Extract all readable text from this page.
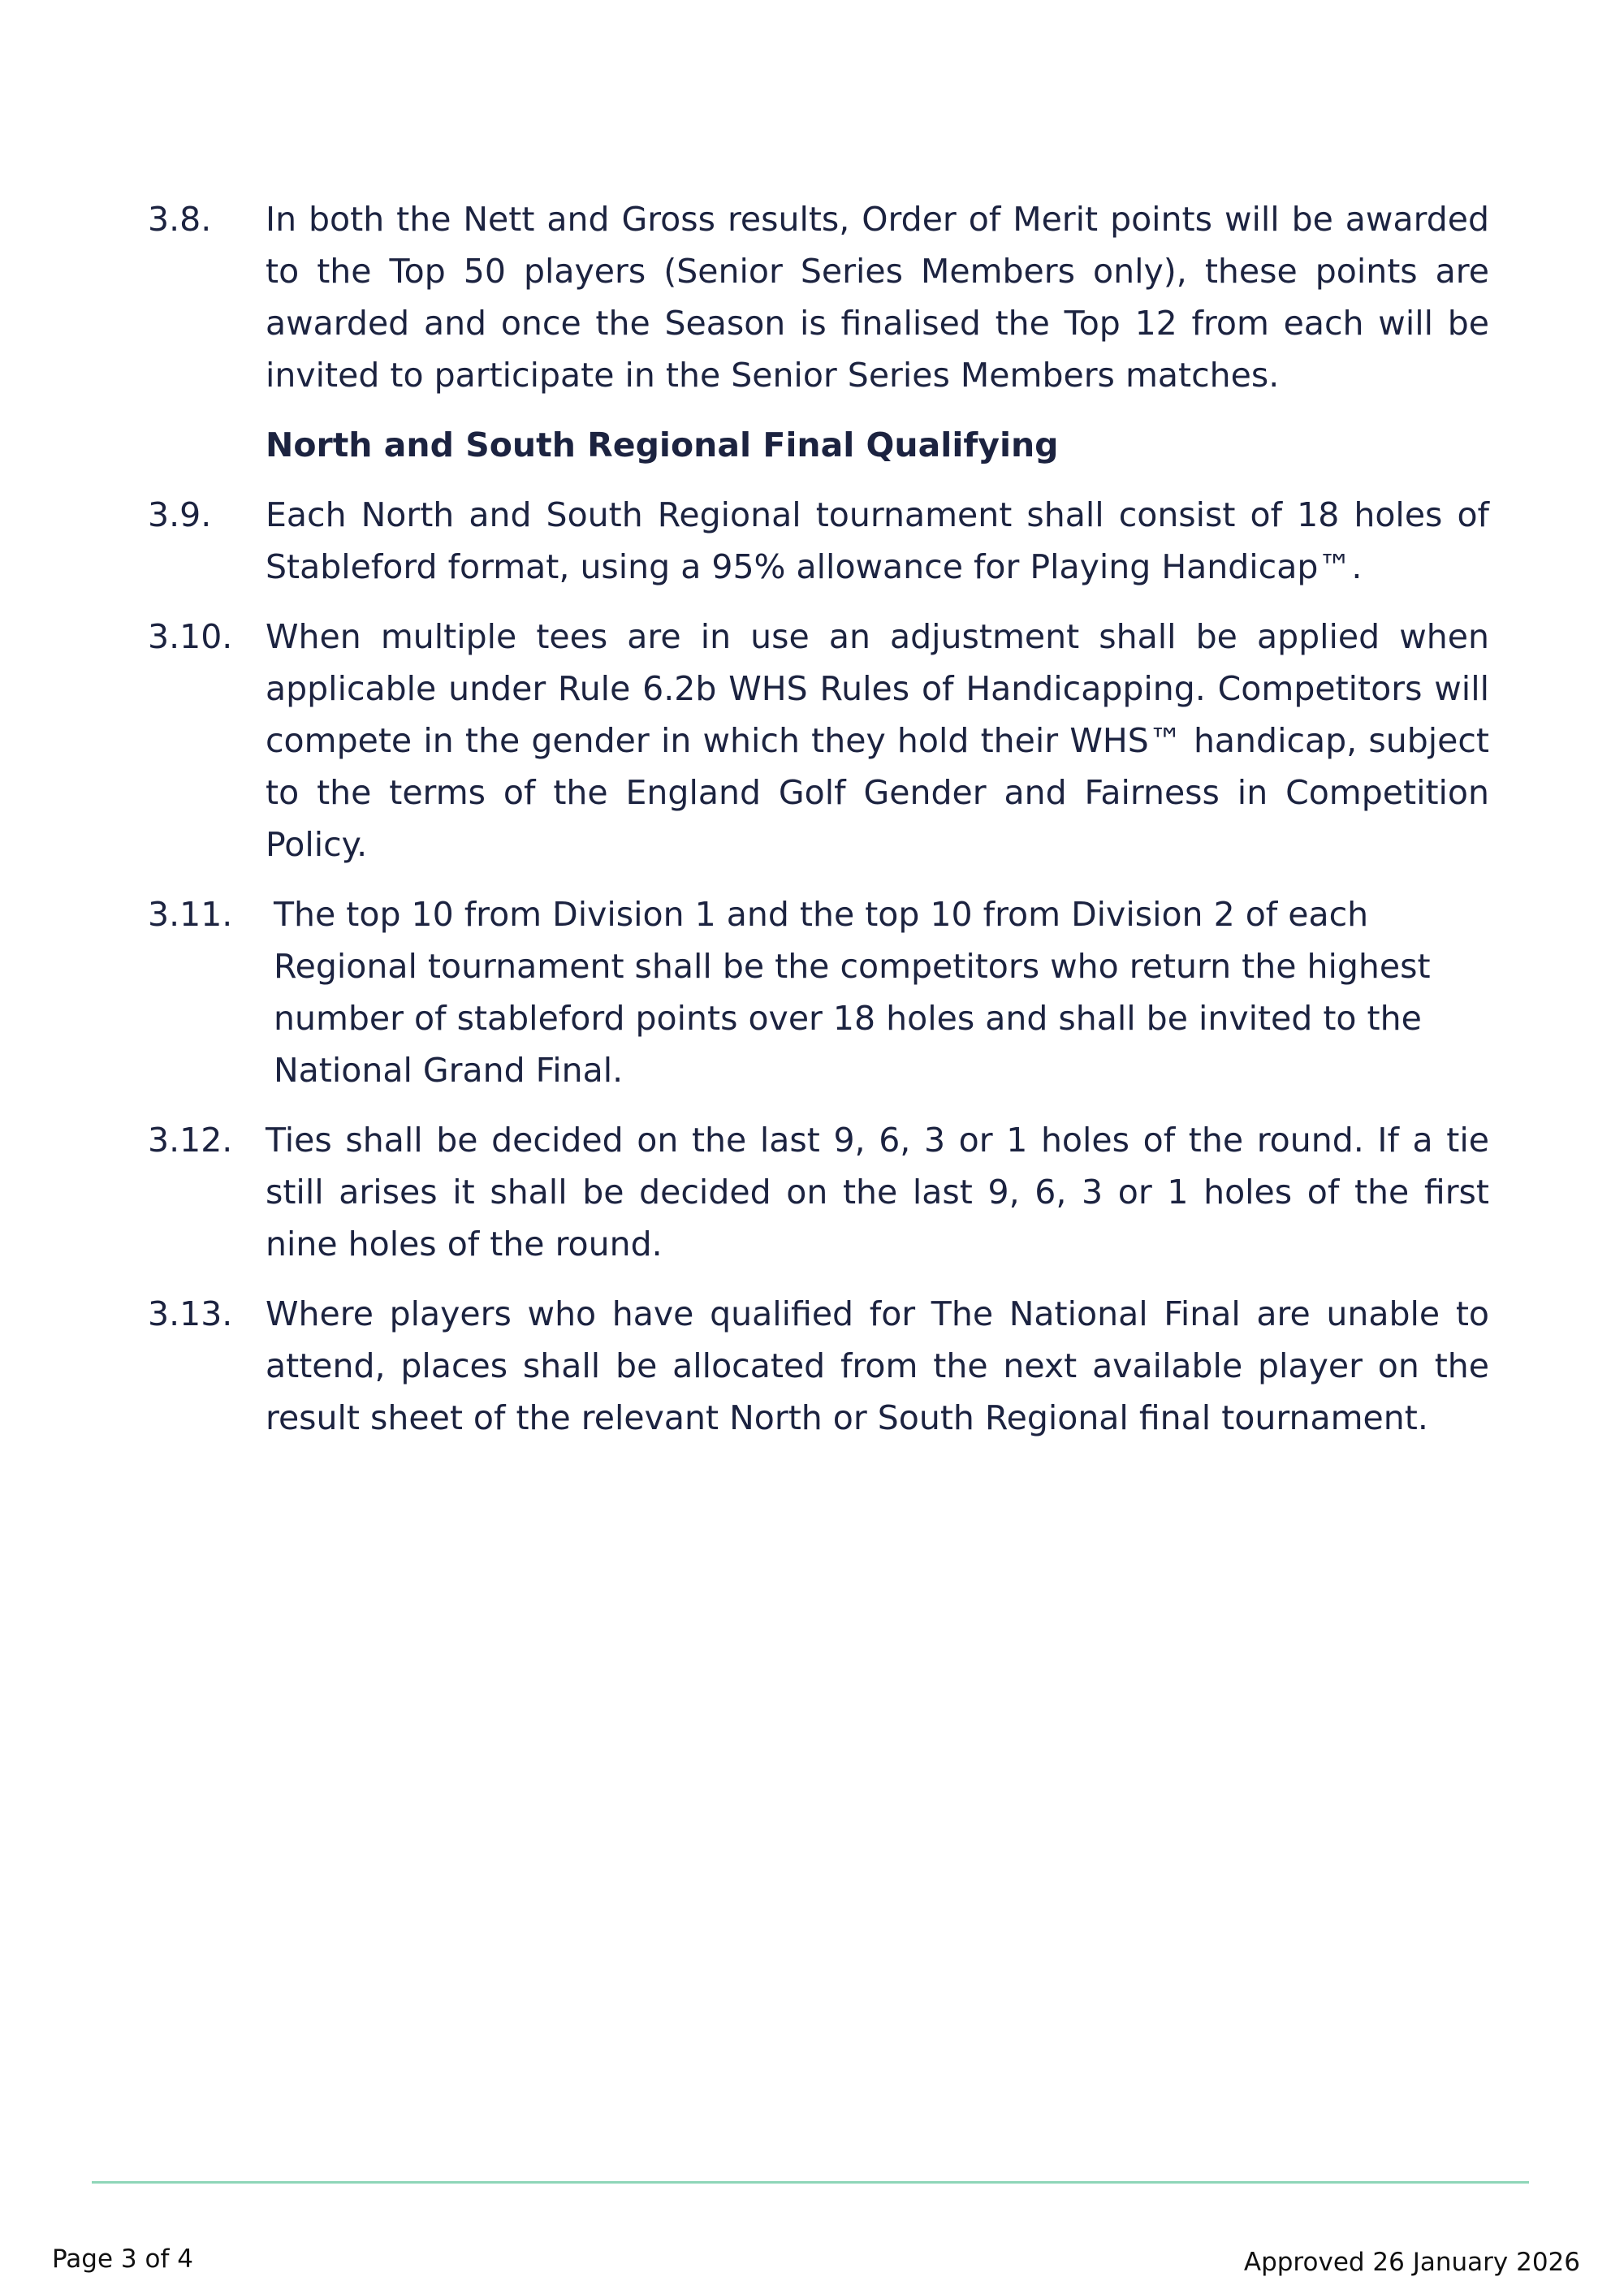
3.8.	In both the Nett and Gross results, Order of Merit points will be awarded to the Top 50 players (Senior Series Members only), these points are awarded and once the Season is finalised the Top 12 from each will be invited to participate in the Senior Series Members matches.
North and South Regional Final Qualifying
3.9.	Each North and South Regional tournament shall consist of 18 holes of Stableford format, using a 95% allowance for Playing Handicap™.
3.10. When multiple tees are in use an adjustment shall be applied when applicable under Rule 6.2b WHS Rules of Handicapping. Competitors will compete in the gender in which they hold their WHS™ handicap, subject to the terms of the England Golf Gender and Fairness in Competition Policy.
3.11.	The top 10 from Division 1 and the top 10 from Division 2 of each Regional tournament shall be the competitors who return the highest number of stableford points over 18 holes and shall be invited to the National Grand Final.
3.12. Ties shall be decided on the last 9, 6, 3 or 1 holes of the round. If a tie still arises it shall be decided on the last 9, 6, 3 or 1 holes of the first nine holes of the round.
3.13. Where players who have qualified for The National Final are unable to attend, places shall be allocated from the next available player on the result sheet of the relevant North or South Regional final tournament.
Page 3 of 4	Approved 26 January 2026
